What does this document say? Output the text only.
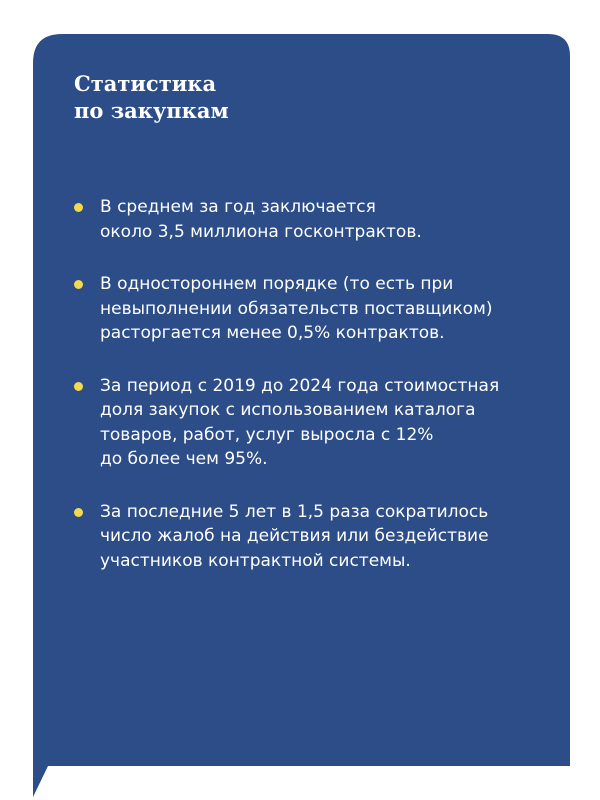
Статистика
по закупкам
В среднем за год заключается
около 3,5 миллиона госконтрактов.
В одностороннем порядке (то есть при
невыполнении обязательств поставщиком)
расторгается менее 0,5% контрактов.
За период с 2019 до 2024 года стоимостная
доля закупок с использованием каталога
товаров, работ, услуг выросла с 12%
до более чем 95%.
За последние 5 лет в 1,5 раза сократилось
число жалоб на действия или бездействие
участников контрактной системы.
